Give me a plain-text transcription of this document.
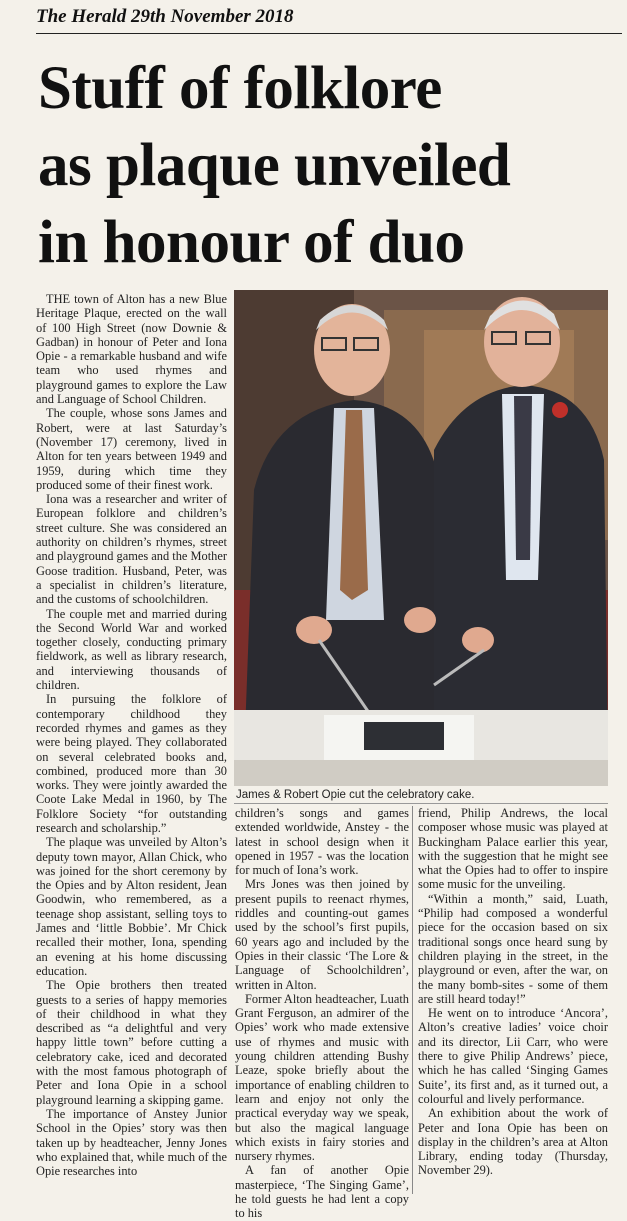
The Herald 29th November 2018
Stuff of folklore
as plaque unveiled
in honour of duo

THE town of Alton has a new Blue Heritage Plaque, erected on the wall of 100 High Street (now Downie & Gadban) in honour of Peter and Iona Opie - a remarkable husband and wife team who used rhymes and playground games to explore the Law and Language of School Children.

The couple, whose sons James and Robert, were at last Saturday’s (November 17) ceremony, lived in Alton for ten years between 1949 and 1959, during which time they produced some of their finest work.

Iona was a researcher and writer of European folklore and children’s street culture. She was considered an authority on children’s rhymes, street and playground games and the Mother Goose tradition. Husband, Peter, was a specialist in children’s literature, and the customs of schoolchildren.

The couple met and married during the Second World War and worked together closely, conducting primary fieldwork, as well as library research, and interviewing thousands of children.

In pursuing the folklore of contemporary childhood they recorded rhymes and games as they were being played. They collaborated on several celebrated books and, combined, produced more than 30 works. They were jointly awarded the Coote Lake Medal in 1960, by The Folklore Society “for outstanding research and scholarship.”

The plaque was unveiled by Alton’s deputy town mayor, Allan Chick, who was joined for the short ceremony by the Opies and by Alton resident, Jean Goodwin, who remembered, as a teenage shop assistant, selling toys to James and ‘little Bobbie’. Mr Chick recalled their mother, Iona, spending an evening at his home discussing education.

The Opie brothers then treated guests to a series of happy memories of their childhood in what they described as “a delightful and very happy little town” before cutting a celebratory cake, iced and decorated with the most famous photograph of Peter and Iona Opie in a school playground learning a skipping game.

The importance of Anstey Junior School in the Opies’ story was then taken up by headteacher, Jenny Jones who explained that, while much of the Opie researches into

James & Robert Opie cut the celebratory cake.

children’s songs and games extended worldwide, Anstey - the latest in school design when it opened in 1957 - was the location for much of Iona’s work.

Mrs Jones was then joined by present pupils to reenact rhymes, riddles and counting-out games used by the school’s first pupils, 60 years ago and included by the Opies in their classic ‘The Lore & Language of Schoolchildren’, written in Alton.

Former Alton headteacher, Luath Grant Ferguson, an admirer of the Opies’ work who made extensive use of rhymes and music with young children attending Bushy Leaze, spoke briefly about the importance of enabling children to learn and enjoy not only the practical everyday way we speak, but also the magical language which exists in fairy stories and nursery rhymes.

A fan of another Opie masterpiece, ‘The Singing Game’, he told guests he had lent a copy to his

friend, Philip Andrews, the local composer whose music was played at Buckingham Palace earlier this year, with the suggestion that he might see what the Opies had to offer to inspire some music for the unveiling.

“Within a month,” said, Luath, “Philip had composed a wonderful piece for the occasion based on six traditional songs once heard sung by children playing in the street, in the playground or even, after the war, on the many bomb-sites - some of them are still heard today!”

He went on to introduce ‘Ancora’, Alton’s creative ladies’ voice choir and its director, Lii Carr, who were there to give Philip Andrews’ piece, which he has called ‘Singing Games Suite’, its first and, as it turned out, a colourful and lively performance.

An exhibition about the work of Peter and Iona Opie has been on display in the children’s area at Alton Library, ending today (Thursday, November 29).
